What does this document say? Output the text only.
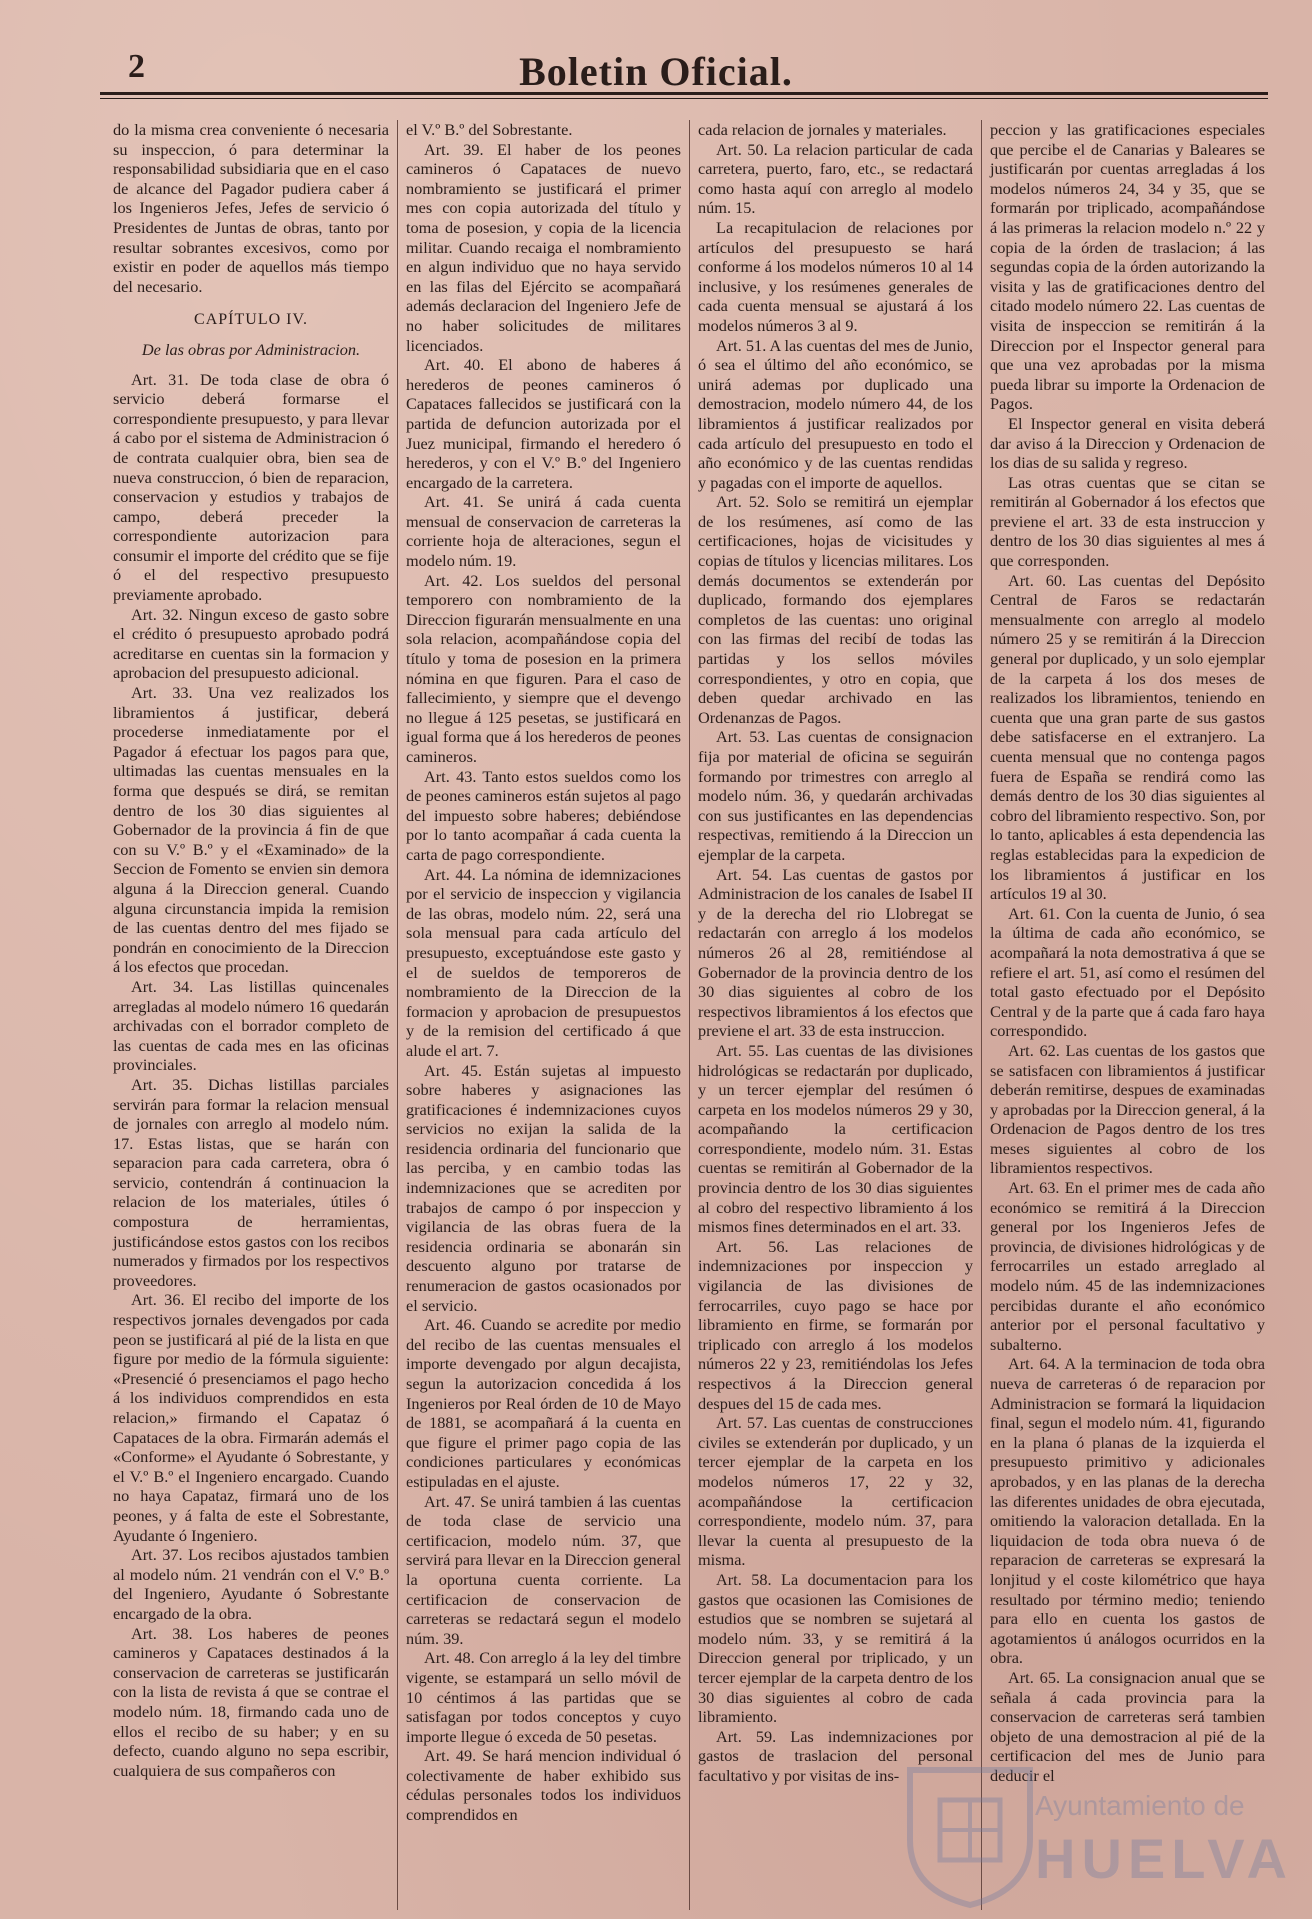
2	Boletin Oficial.

do la misma crea conveniente ó necesaria su inspeccion, ó para determinar la responsabilidad subsidiaria que en el caso de alcance del Pagador pudiera caber á los Ingenieros Jefes, Jefes de servicio ó Presidentes de Juntas de obras, tanto por resultar sobrantes excesivos, como por existir en poder de aquellos más tiempo del necesario.

CAPÍTULO IV.
De las obras por Administracion.

Art. 31. De toda clase de obra ó servicio deberá formarse el correspondiente presupuesto, y para llevar á cabo por el sistema de Administracion ó de contrata cualquier obra, bien sea de nueva construccion, ó bien de reparacion, conservacion y estudios y trabajos de campo, deberá preceder la correspondiente autorizacion para consumir el importe del crédito que se fije ó el del respectivo presupuesto previamente aprobado.

Art. 32. Ningun exceso de gasto sobre el crédito ó presupuesto aprobado podrá acreditarse en cuentas sin la formacion y aprobacion del presupuesto adicional.

Art. 33. Una vez realizados los libramientos á justificar, deberá procederse inmediatamente por el Pagador á efectuar los pagos para que, ultimadas las cuentas mensuales en la forma que después se dirá, se remitan dentro de los 30 dias siguientes al Gobernador de la provincia á fin de que con su V.º B.º y el «Examinado» de la Seccion de Fomento se envien sin demora alguna á la Direccion general. Cuando alguna circunstancia impida la remision de las cuentas dentro del mes fijado se pondrán en conocimiento de la Direccion á los efectos que procedan.

Art. 34. Las listillas quincenales arregladas al modelo número 16 quedarán archivadas con el borrador completo de las cuentas de cada mes en las oficinas provinciales.

Art. 35. Dichas listillas parciales servirán para formar la relacion mensual de jornales con arreglo al modelo núm. 17. Estas listas, que se harán con separacion para cada carretera, obra ó servicio, contendrán á continuacion la relacion de los materiales, útiles ó compostura de herramientas, justificándose estos gastos con los recibos numerados y firmados por los respectivos proveedores.

Art. 36. El recibo del importe de los respectivos jornales devengados por cada peon se justificará al pié de la lista en que figure por medio de la fórmula siguiente: «Presencié ó presenciamos el pago hecho á los individuos comprendidos en esta relacion,» firmando el Capataz ó Capataces de la obra. Firmarán además el «Conforme» el Ayudante ó Sobrestante, y el V.º B.º el Ingeniero encargado. Cuando no haya Capataz, firmará uno de los peones, y á falta de este el Sobrestante, Ayudante ó Ingeniero.

Art. 37. Los recibos ajustados tambien al modelo núm. 21 vendrán con el V.º B.º del Ingeniero, Ayudante ó Sobrestante encargado de la obra.

Art. 38. Los haberes de peones camineros y Capataces destinados á la conservacion de carreteras se justificarán con la lista de revista á que se contrae el modelo núm. 18, firmando cada uno de ellos el recibo de su haber; y en su defecto, cuando alguno no sepa escribir, cualquiera de sus compañeros con

el V.º B.º del Sobrestante.

Art. 39. El haber de los peones camineros ó Capataces de nuevo nombramiento se justificará el primer mes con copia autorizada del título y toma de posesion, y copia de la licencia militar. Cuando recaiga el nombramiento en algun individuo que no haya servido en las filas del Ejército se acompañará además declaracion del Ingeniero Jefe de no haber solicitudes de militares licenciados.

Art. 40. El abono de haberes á herederos de peones camineros ó Capataces fallecidos se justificará con la partida de defuncion autorizada por el Juez municipal, firmando el heredero ó herederos, y con el V.º B.º del Ingeniero encargado de la carretera.

Art. 41. Se unirá á cada cuenta mensual de conservacion de carreteras la corriente hoja de alteraciones, segun el modelo núm. 19.

Art. 42. Los sueldos del personal temporero con nombramiento de la Direccion figurarán mensualmente en una sola relacion, acompañándose copia del título y toma de posesion en la primera nómina en que figuren. Para el caso de fallecimiento, y siempre que el devengo no llegue á 125 pesetas, se justificará en igual forma que á los herederos de peones camineros.

Art. 43. Tanto estos sueldos como los de peones camineros están sujetos al pago del impuesto sobre haberes; debiéndose por lo tanto acompañar á cada cuenta la carta de pago correspondiente.

Art. 44. La nómina de idemnizaciones por el servicio de inspeccion y vigilancia de las obras, modelo núm. 22, será una sola mensual para cada artículo del presupuesto, exceptuándose este gasto y el de sueldos de temporeros de nombramiento de la Direccion de la formacion y aprobacion de presupuestos y de la remision del certificado á que alude el art. 7.

Art. 45. Están sujetas al impuesto sobre haberes y asignaciones las gratificaciones é indemnizaciones cuyos servicios no exijan la salida de la residencia ordinaria del funcionario que las perciba, y en cambio todas las indemnizaciones que se acrediten por trabajos de campo ó por inspeccion y vigilancia de las obras fuera de la residencia ordinaria se abonarán sin descuento alguno por tratarse de renumeracion de gastos ocasionados por el servicio.

Art. 46. Cuando se acredite por medio del recibo de las cuentas mensuales el importe devengado por algun decajista, segun la autorizacion concedida á los Ingenieros por Real órden de 10 de Mayo de 1881, se acompañará á la cuenta en que figure el primer pago copia de las condiciones particulares y económicas estipuladas en el ajuste.

Art. 47. Se unirá tambien á las cuentas de toda clase de servicio una certificacion, modelo núm. 37, que servirá para llevar en la Direccion general la oportuna cuenta corriente. La certificacion de conservacion de carreteras se redactará segun el modelo núm. 39.

Art. 48. Con arreglo á la ley del timbre vigente, se estampará un sello móvil de 10 céntimos á las partidas que se satisfagan por todos conceptos y cuyo importe llegue ó exceda de 50 pesetas.

Art. 49. Se hará mencion individual ó colectivamente de haber exhibido sus cédulas personales todos los individuos comprendidos en

cada relacion de jornales y materiales.

Art. 50. La relacion particular de cada carretera, puerto, faro, etc., se redactará como hasta aquí con arreglo al modelo núm. 15.

La recapitulacion de relaciones por artículos del presupuesto se hará conforme á los modelos números 10 al 14 inclusive, y los resúmenes generales de cada cuenta mensual se ajustará á los modelos números 3 al 9.

Art. 51. A las cuentas del mes de Junio, ó sea el último del año económico, se unirá ademas por duplicado una demostracion, modelo número 44, de los libramientos á justificar realizados por cada artículo del presupuesto en todo el año económico y de las cuentas rendidas y pagadas con el importe de aquellos.

Art. 52. Solo se remitirá un ejemplar de los resúmenes, así como de las certificaciones, hojas de vicisitudes y copias de títulos y licencias militares. Los demás documentos se extenderán por duplicado, formando dos ejemplares completos de las cuentas: uno original con las firmas del recibí de todas las partidas y los sellos móviles correspondientes, y otro en copia, que deben quedar archivado en las Ordenanzas de Pagos.

Art. 53. Las cuentas de consignacion fija por material de oficina se seguirán formando por trimestres con arreglo al modelo núm. 36, y quedarán archivadas con sus justificantes en las dependencias respectivas, remitiendo á la Direccion un ejemplar de la carpeta.

Art. 54. Las cuentas de gastos por Administracion de los canales de Isabel II y de la derecha del rio Llobregat se redactarán con arreglo á los modelos números 26 al 28, remitiéndose al Gobernador de la provincia dentro de los 30 dias siguientes al cobro de los respectivos libramientos á los efectos que previene el art. 33 de esta instruccion.

Art. 55. Las cuentas de las divisiones hidrológicas se redactarán por duplicado, y un tercer ejemplar del resúmen ó carpeta en los modelos números 29 y 30, acompañando la certificacion correspondiente, modelo núm. 31. Estas cuentas se remitirán al Gobernador de la provincia dentro de los 30 dias siguientes al cobro del respectivo libramiento á los mismos fines determinados en el art. 33.

Art. 56. Las relaciones de indemnizaciones por inspeccion y vigilancia de las divisiones de ferrocarriles, cuyo pago se hace por libramiento en firme, se formarán por triplicado con arreglo á los modelos números 22 y 23, remitiéndolas los Jefes respectivos á la Direccion general despues del 15 de cada mes.

Art. 57. Las cuentas de construcciones civiles se extenderán por duplicado, y un tercer ejemplar de la carpeta en los modelos números 17, 22 y 32, acompañándose la certificacion correspondiente, modelo núm. 37, para llevar la cuenta al presupuesto de la misma.

Art. 58. La documentacion para los gastos que ocasionen las Comisiones de estudios que se nombren se sujetará al modelo núm. 33, y se remitirá á la Direccion general por triplicado, y un tercer ejemplar de la carpeta dentro de los 30 dias siguientes al cobro de cada libramiento.

Art. 59. Las indemnizaciones por gastos de traslacion del personal facultativo y por visitas de ins-

peccion y las gratificaciones especiales que percibe el de Canarias y Baleares se justificarán por cuentas arregladas á los modelos números 24, 34 y 35, que se formarán por triplicado, acompañándose á las primeras la relacion modelo n.º 22 y copia de la órden de traslacion; á las segundas copia de la órden autorizando la visita y las de gratificaciones dentro del citado modelo número 22. Las cuentas de visita de inspeccion se remitirán á la Direccion por el Inspector general para que una vez aprobadas por la misma pueda librar su importe la Ordenacion de Pagos.

El Inspector general en visita deberá dar aviso á la Direccion y Ordenacion de los dias de su salida y regreso.

Las otras cuentas que se citan se remitirán al Gobernador á los efectos que previene el art. 33 de esta instruccion y dentro de los 30 dias siguientes al mes á que corresponden.

Art. 60. Las cuentas del Depósito Central de Faros se redactarán mensualmente con arreglo al modelo número 25 y se remitirán á la Direccion general por duplicado, y un solo ejemplar de la carpeta á los dos meses de realizados los libramientos, teniendo en cuenta que una gran parte de sus gastos debe satisfacerse en el extranjero. La cuenta mensual que no contenga pagos fuera de España se rendirá como las demás dentro de los 30 dias siguientes al cobro del libramiento respectivo. Son, por lo tanto, aplicables á esta dependencia las reglas establecidas para la expedicion de los libramientos á justificar en los artículos 19 al 30.

Art. 61. Con la cuenta de Junio, ó sea la última de cada año económico, se acompañará la nota demostrativa á que se refiere el art. 51, así como el resúmen del total gasto efectuado por el Depósito Central y de la parte que á cada faro haya correspondido.

Art. 62. Las cuentas de los gastos que se satisfacen con libramientos á justificar deberán remitirse, despues de examinadas y aprobadas por la Direccion general, á la Ordenacion de Pagos dentro de los tres meses siguientes al cobro de los libramientos respectivos.

Art. 63. En el primer mes de cada año económico se remitirá á la Direccion general por los Ingenieros Jefes de provincia, de divisiones hidrológicas y de ferrocarriles un estado arreglado al modelo núm. 45 de las indemnizaciones percibidas durante el año económico anterior por el personal facultativo y subalterno.

Art. 64. A la terminacion de toda obra nueva de carreteras ó de reparacion por Administracion se formará la liquidacion final, segun el modelo núm. 41, figurando en la plana ó planas de la izquierda el presupuesto primitivo y adicionales aprobados, y en las planas de la derecha las diferentes unidades de obra ejecutada, omitiendo la valoracion detallada. En la liquidacion de toda obra nueva ó de reparacion de carreteras se expresará la lonjitud y el coste kilométrico que haya resultado por término medio; teniendo para ello en cuenta los gastos de agotamientos ú análogos ocurridos en la obra.

Art. 65. La consignacion anual que se señala á cada provincia para la conservacion de carreteras será tambien objeto de una demostracion al pié de la certificacion del mes de Junio para deducir el

Ayuntamiento de
HUELVA
